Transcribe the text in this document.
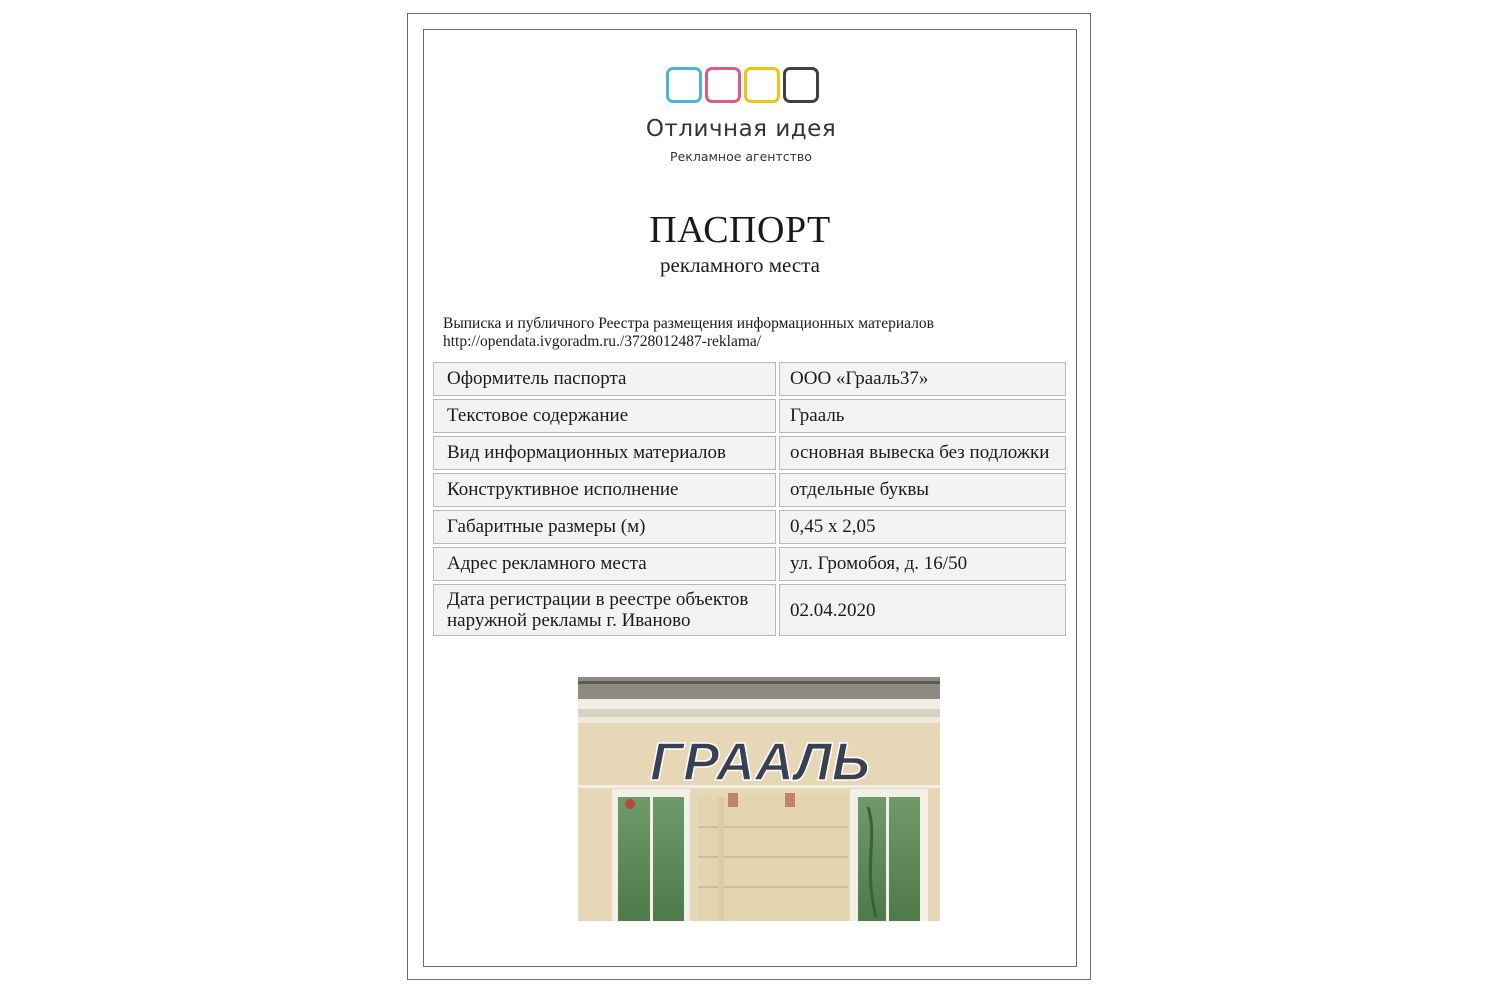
Отличная идея
Рекламное агентство
ПАСПОРТ
рекламного места
Выписка и публичного Реестра размещения информационных материалов
http://opendata.ivgoradm.ru./3728012487-reklama/
Оформитель паспорта	ООО «Грааль37»
Текстовое содержание	Грааль
Вид информационных материалов	основная вывеска без подложки
Конструктивное исполнение	отдельные буквы
Габаритные размеры (м)	0,45 х 2,05
Адрес рекламного места	ул. Громобоя, д. 16/50

Дата регистрации в реестре объектов
наружной рекламы г. Иваново	02.04.2020
ГРААЛЬ
